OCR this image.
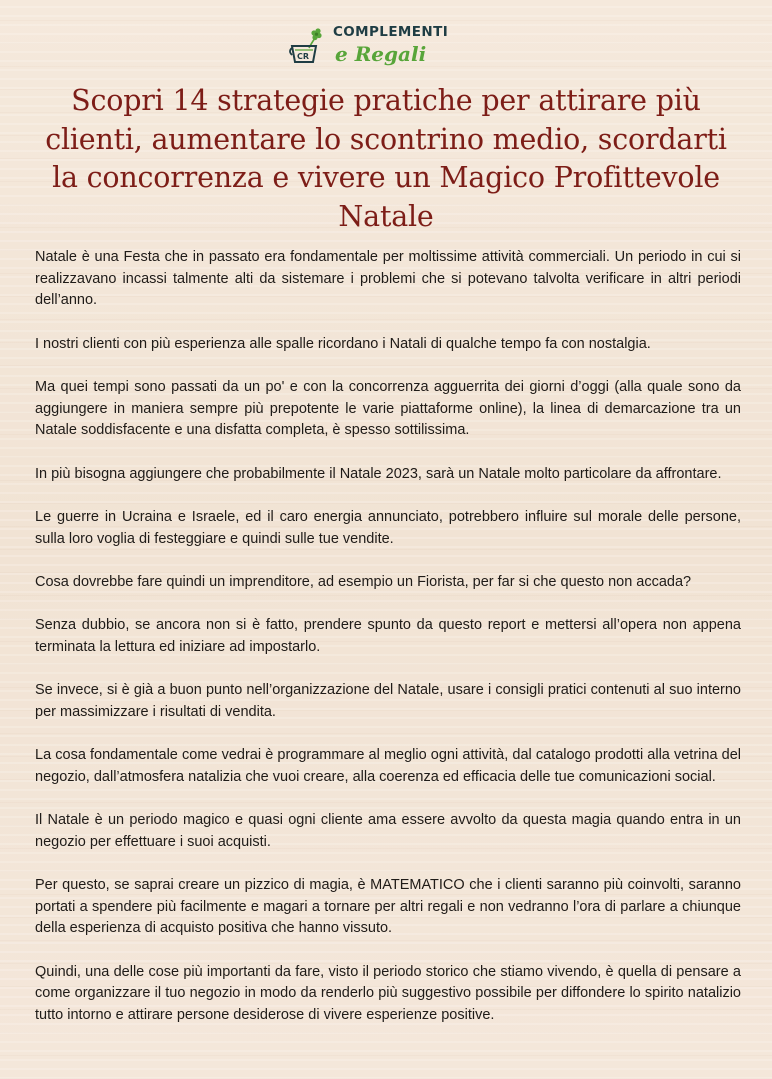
CR
COMPLEMENTI
e Regali
Scopri 14 strategie pratiche per attirare più clienti, aumentare lo scontrino medio, scordarti la concorrenza e vivere un Magico Profittevole Natale

Natale è una Festa che in passato era fondamentale per moltissime attività commerciali. Un periodo in cui si realizzavano incassi talmente alti da sistemare i problemi che si potevano talvolta verificare in altri periodi dell’anno.

I nostri clienti con più esperienza alle spalle ricordano i Natali di qualche tempo fa con nostalgia.

Ma quei tempi sono passati da un po' e con la concorrenza agguerrita dei giorni d’oggi (alla quale sono da aggiungere in maniera sempre più prepotente le varie piattaforme online), la linea di demarcazione tra un Natale soddisfacente e una disfatta completa, è spesso sottilissima.

In più bisogna aggiungere che probabilmente il Natale 2023, sarà un Natale molto particolare da affrontare.

Le guerre in Ucraina e Israele, ed il caro energia annunciato, potrebbero influire sul morale delle persone, sulla loro voglia di festeggiare e quindi sulle tue vendite.

Cosa dovrebbe fare quindi un imprenditore, ad esempio un Fiorista, per far si che questo non accada?

Senza dubbio, se ancora non si è fatto, prendere spunto da questo report e mettersi all’opera non appena terminata la lettura ed iniziare ad impostarlo.

Se invece, si è già a buon punto nell’organizzazione del Natale, usare i consigli pratici contenuti al suo interno per massimizzare i risultati di vendita.

La cosa fondamentale come vedrai è programmare al meglio ogni attività, dal catalogo prodotti alla vetrina del negozio, dall’atmosfera natalizia che vuoi creare, alla coerenza ed efficacia delle tue comunicazioni social.

Il Natale è un periodo magico e quasi ogni cliente ama essere avvolto da questa magia quando entra in un negozio per effettuare i suoi acquisti.

Per questo, se saprai creare un pizzico di magia, è MATEMATICO che i clienti saranno più coinvolti, saranno portati a spendere più facilmente e magari a tornare per altri regali e non vedranno l’ora di parlare a chiunque della esperienza di acquisto positiva che hanno vissuto.

Quindi, una delle cose più importanti da fare, visto il periodo storico che stiamo vivendo, è quella di pensare a come organizzare il tuo negozio in modo da renderlo più suggestivo possibile per diffondere lo spirito natalizio tutto intorno e attirare persone desiderose di vivere esperienze positive.
